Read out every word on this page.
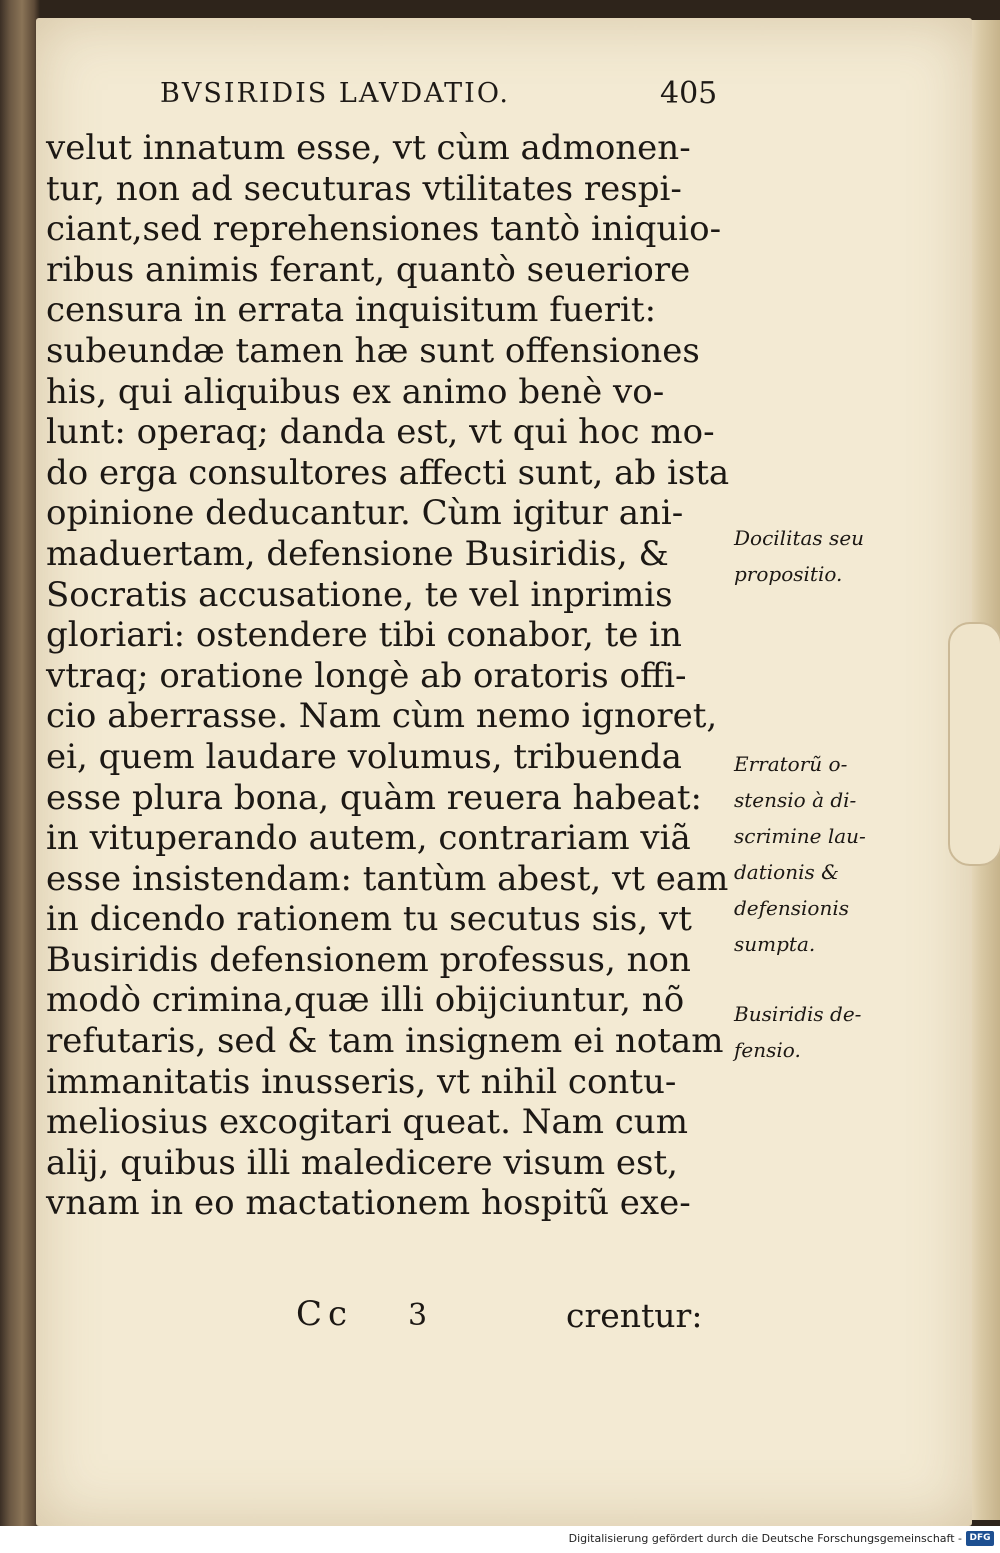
BVSIRIDIS LAVDATIO.	405
velut innatum esse, vt cùm admonen-
tur, non ad secuturas vtilitates respi-
ciant,sed reprehensiones tantò iniquio-
ribus animis ferant, quantò seueriore
censura in errata inquisitum fuerit:
subeundæ tamen hæ sunt offensiones
his, qui aliquibus ex animo benè vo-
lunt: operaq; danda est, vt qui hoc mo-
do erga consultores affecti sunt, ab ista
opinione deducantur. Cùm igitur ani-
maduertam, defensione Busiridis, &
Socratis accusatione, te vel inprimis
gloriari: ostendere tibi conabor, te in
vtraq; oratione longè ab oratoris offi-
cio aberrasse. Nam cùm nemo ignoret,
ei, quem laudare volumus, tribuenda
esse plura bona, quàm reuera habeat:
in vituperando autem, contrariam viã
esse insistendam: tantùm abest, vt eam
in dicendo rationem tu secutus sis, vt
Busiridis defensionem professus, non
modò crimina,quæ illi obijciuntur, nõ
refutaris, sed & tam insignem ei notam
immanitatis inusseris, vt nihil contu-
meliosius excogitari queat. Nam cum
alij, quibus illi maledicere visum est,
vnam in eo mactationem hospitũ exe-
Docilitas seu
propositio.
Erratorũ o-
stensio à di-
scrimine lau-
dationis &
defensionis
sumpta.
Busiridis de-
fensio.
Cc 3	crentur:
Digitalisierung gefördert durch die Deutsche Forschungsgemeinschaft - DFG
